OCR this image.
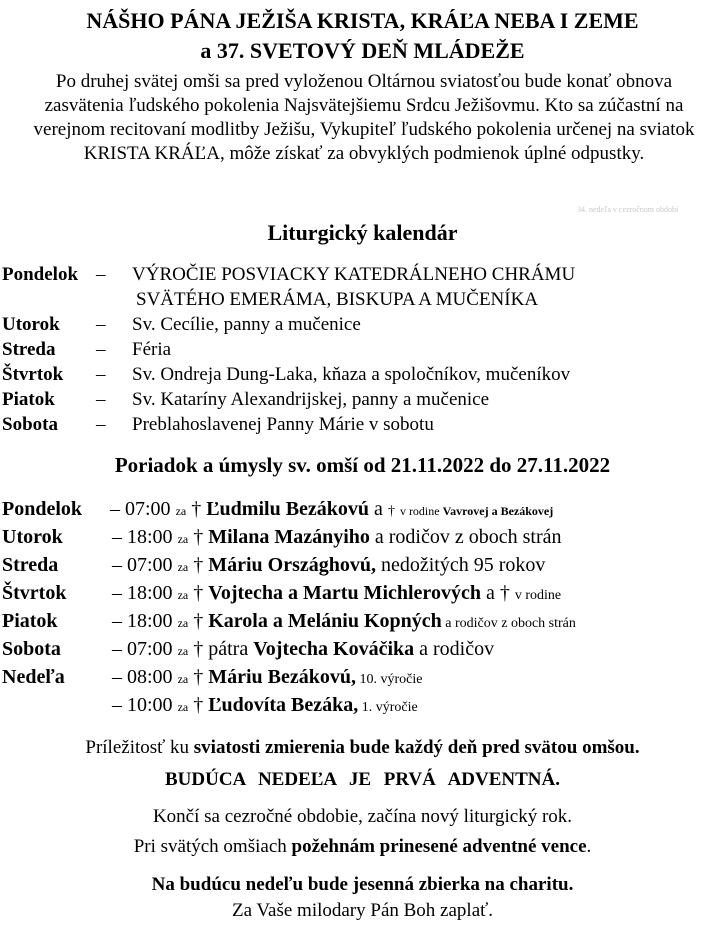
NÁŠHO PÁNA JEŽIŠA KRISTA, KRÁĽA NEBA I ZEME
a 37. SVETOVÝ DEŇ MLÁDEŽE
Po druhej svätej omši sa pred vyloženou Oltárnou sviatosťou bude konať obnova zasvätenia ľudského pokolenia Najsvätejšiemu Srdcu Ježišovmu. Kto sa zúčastní na verejnom recitovaní modlitby Ježišu, Vykupiteľ ľudského pokolenia určenej na sviatok KRISTA KRÁĽA, môže získať za obvyklých podmienok úplné odpustky.
34. nedeľa v cezročnom období
Liturgický kalendár
Pondelok – VÝROČIE POSVIACKY KATEDRÁLNEHO CHRÁMU
SVÄTÉHO EMERÁMA, BISKUPA A MUČENÍKA
Utorok – Sv. Cecílie, panny a mučenice
Streda – Féria
Štvrtok – Sv. Ondreja Dung-Laka, kňaza a spoločníkov, mučeníkov
Piatok – Sv. Kataríny Alexandrijskej, panny a mučenice
Sobota – Preblahoslavenej Panny Márie v sobotu
Poriadok a úmysly sv. omší od 21.11.2022 do 27.11.2022
Pondelok – 07:00 za † Ľudmilu Bezákovú a † v rodine Vavrovej a Bezákovej
Utorok – 18:00 za † Milana Mazányiho a rodičov z oboch strán
Streda	– 07:00 za † Máriu Országhovú, nedožitých 95 rokov
Štvrtok – 18:00 za † Vojtecha a Martu Michlerových a † v rodine
Piatok	– 18:00 za † Karola a Melániu Kopných a rodičov z oboch strán
Sobota	– 07:00 za † pátra Vojtecha Kováčika a rodičov
Nedeľa – 08:00 za † Máriu Bezákovú, 10. výročie
– 10:00 za † Ľudovíta Bezáka, 1. výročie
Príležitosť ku sviatosti zmierenia bude každý deň pred svätou omšou.
BUDÚCA NEDEĽA JE PRVÁ ADVENTNÁ.
Končí sa cezročné obdobie, začína nový liturgický rok.
Pri svätých omšiach požehnám prinesené adventné vence.
Na budúcu nedeľu bude jesenná zbierka na charitu.
Za Vaše milodary Pán Boh zaplať.
